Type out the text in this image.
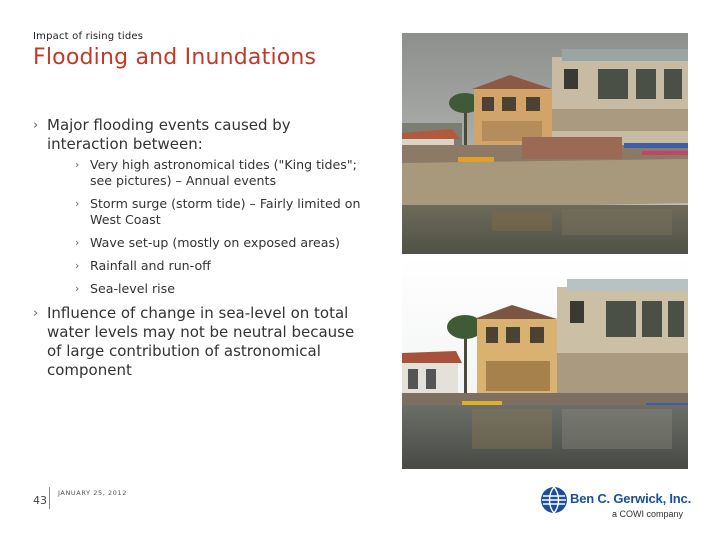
Impact of rising tides
Flooding and Inundations
› Major flooding events caused by interaction between:
› Very high astronomical tides ("King tides"; see pictures) – Annual events
› Storm surge (storm tide) – Fairly limited on West Coast
› Wave set-up (mostly on exposed areas)
› Rainfall and run-off
› Sea-level rise
› Influence of change in sea-level on total water levels may not be neutral because of large contribution of astronomical component
43
JANUARY 25, 2012	Ben C. Gerwick, Inc.
a COWI company
